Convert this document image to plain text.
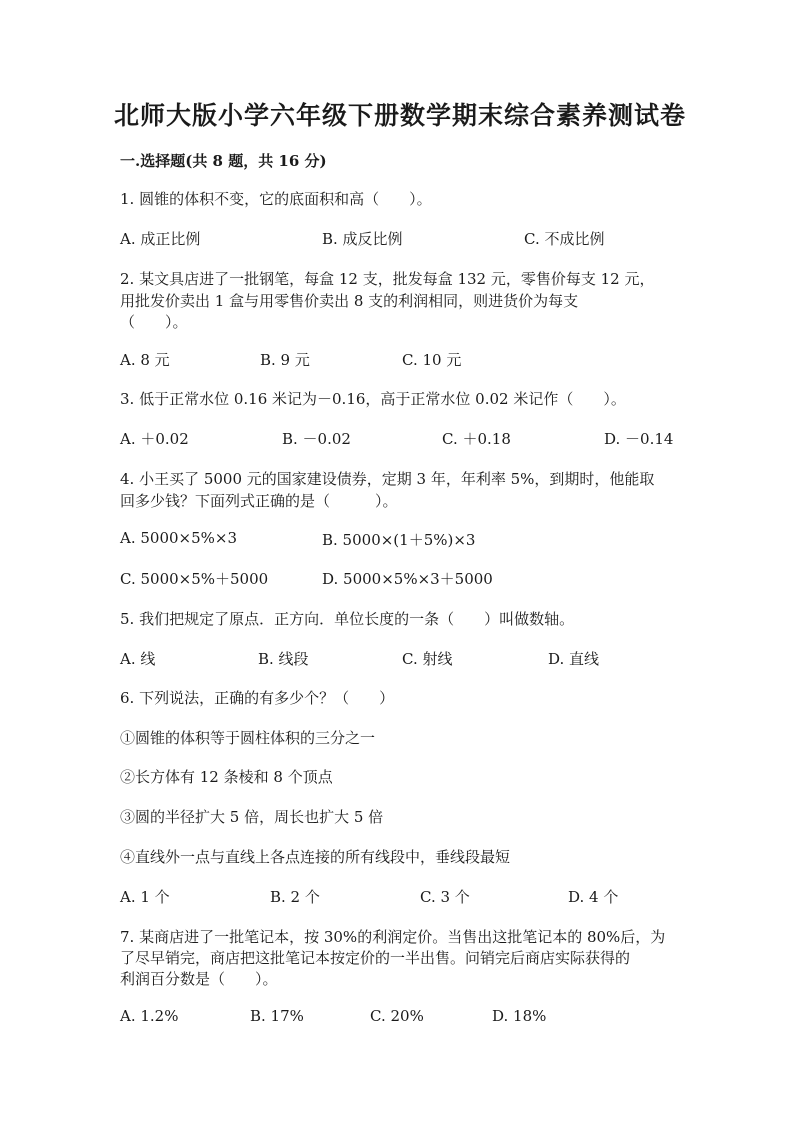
北师大版小学六年级下册数学期末综合素养测试卷
一.选择题(共 8 题，共 16 分)
1. 圆锥的体积不变，它的底面积和高（　　）。
A. 成正比例	B. 成反比例	C. 不成比例
2. 某文具店进了一批钢笔，每盒 12 支，批发每盒 132 元，零售价每支 12 元，
用批发价卖出 1 盒与用零售价卖出 8 支的利润相同，则进货价为每支
（　　）。
A. 8 元	B. 9 元	C. 10 元
3. 低于正常水位 0.16 米记为－0.16，高于正常水位 0.02 米记作（　　）。
A. ＋0.02	B. －0.02	C. ＋0.18	D. －0.14
4. 小王买了 5000 元的国家建设债券，定期 3 年，年利率 5%，到期时，他能取
回多少钱？下面列式正确的是（　　　）。
A. 5000×5%×3	B. 5000×(1＋5%)×3
C. 5000×5%＋5000	D. 5000×5%×3＋5000
5. 我们把规定了原点．正方向．单位长度的一条（　　）叫做数轴。
A. 线	B. 线段	C. 射线	D. 直线
6. 下列说法，正确的有多少个？（　　）
①圆锥的体积等于圆柱体积的三分之一
②长方体有 12 条棱和 8 个顶点
③圆的半径扩大 5 倍，周长也扩大 5 倍
④直线外一点与直线上各点连接的所有线段中，垂线段最短
A. 1 个	B. 2 个	C. 3 个	D. 4 个
7. 某商店进了一批笔记本，按 30%的利润定价。当售出这批笔记本的 80%后，为
了尽早销完，商店把这批笔记本按定价的一半出售。问销完后商店实际获得的
利润百分数是（　　）。
A. 1.2%	B. 17%	C. 20%	D. 18%
